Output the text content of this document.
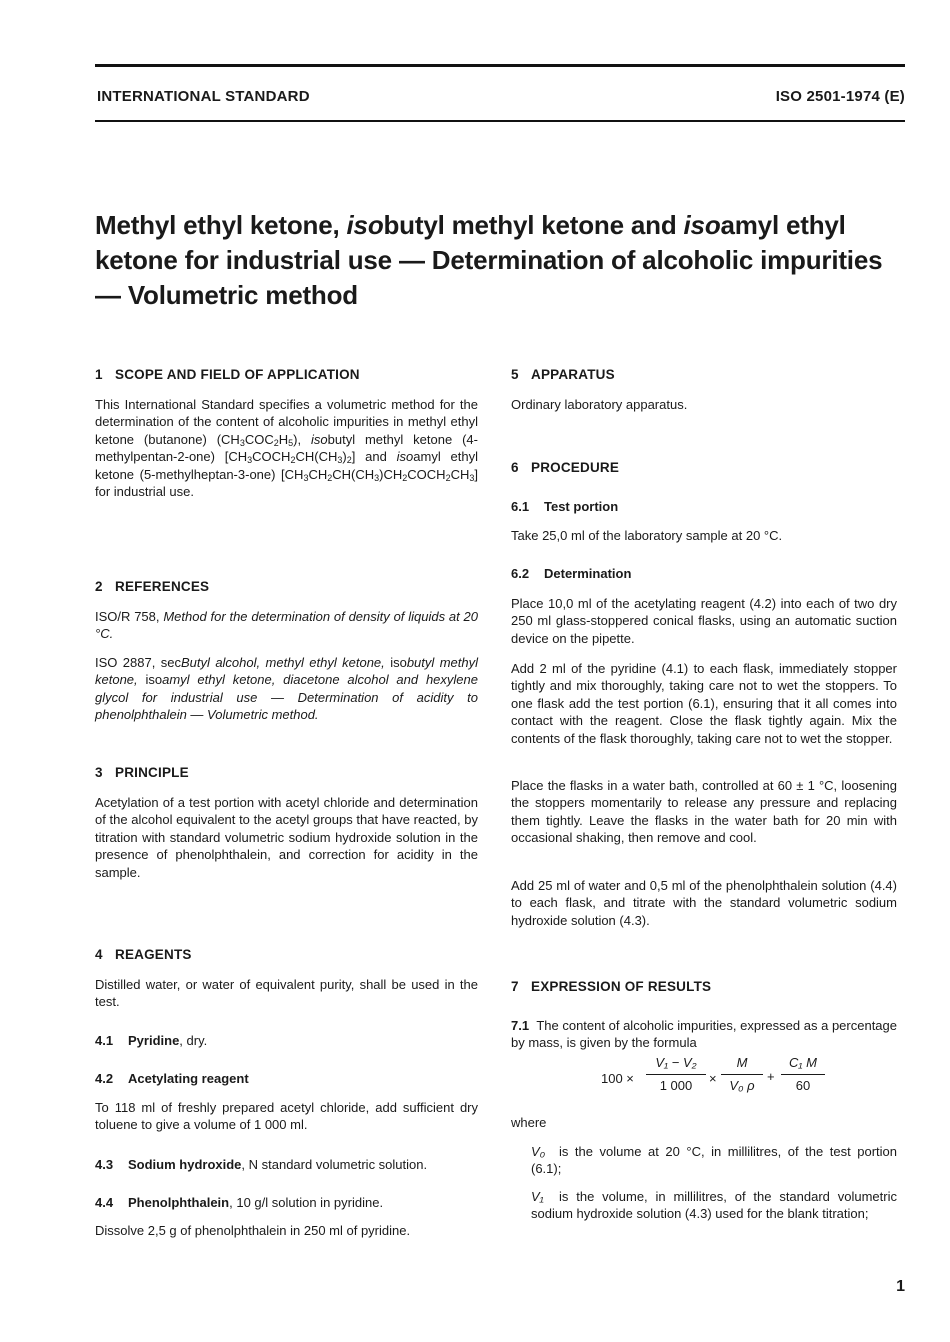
INTERNATIONAL STANDARD	ISO 2501-1974 (E)
Methyl ethyl ketone, isobutyl methyl ketone and isoamyl ethyl ketone for industrial use — Determination of alcoholic impurities — Volumetric method
1 SCOPE AND FIELD OF APPLICATION
This International Standard specifies a volumetric method for the determination of the content of alcoholic impurities in methyl ethyl ketone (butanone) $(CH_3COC_2H_5)$, isobutyl methyl ketone (4-methylpentan-2-one) $[CH_3COCH_2CH(CH_3)_2]$ and isoamyl ethyl ketone (5-methylheptan-3-one) $[CH_3CH_2CH(CH_3)CH_2COCH_2CH_3]$ for industrial use.
2 REFERENCES
ISO/R 758, Method for the determination of density of liquids at 20 °C.
ISO 2887, secButyl alcohol, methyl ethyl ketone, isobutyl methyl ketone, isoamyl ethyl ketone, diacetone alcohol and hexylene glycol for industrial use — Determination of acidity to phenolphthalein — Volumetric method.
3 PRINCIPLE
Acetylation of a test portion with acetyl chloride and determination of the alcohol equivalent to the acetyl groups that have reacted, by titration with standard volumetric sodium hydroxide solution in the presence of phenolphthalein, and correction for acidity in the sample.
4 REAGENTS
Distilled water, or water of equivalent purity, shall be used in the test.
4.1 Pyridine, dry.
4.2 Acetylating reagent
To 118 ml of freshly prepared acetyl chloride, add sufficient dry toluene to give a volume of 1 000 ml.
4.3 Sodium hydroxide, N standard volumetric solution.
4.4 Phenolphthalein, 10 g/l solution in pyridine.
Dissolve 2,5 g of phenolphthalein in 250 ml of pyridine.
5 APPARATUS
Ordinary laboratory apparatus.
6 PROCEDURE
6.1 Test portion
Take 25,0 ml of the laboratory sample at 20 °C.
6.2 Determination
Place 10,0 ml of the acetylating reagent (4.2) into each of two dry 250 ml glass-stoppered conical flasks, using an automatic suction device on the pipette.
Add 2 ml of the pyridine (4.1) to each flask, immediately stopper tightly and mix thoroughly, taking care not to wet the stoppers. To one flask add the test portion (6.1), ensuring that it all comes into contact with the reagent. Close the flask tightly again. Mix the contents of the flask thoroughly, taking care not to wet the stopper.
Place the flasks in a water bath, controlled at 60 ± 1 °C, loosening the stoppers momentarily to release any pressure and replacing them tightly. Leave the flasks in the water bath for 20 min with occasional shaking, then remove and cool.
Add 25 ml of water and 0,5 ml of the phenolphthalein solution (4.4) to each flask, and titrate with the standard volumetric sodium hydroxide solution (4.3).
7 EXPRESSION OF RESULTS
7.1 The content of alcoholic impurities, expressed as a percentage by mass, is given by the formula
100 ×
V₁ − V₂
1 000	×
M
V₀ ρ
+
C₁ M
60
where
V₀ is the volume at 20 °C, in millilitres, of the test portion (6.1);
V₁ is the volume, in millilitres, of the standard volumetric sodium hydroxide solution (4.3) used for the blank titration;
1
